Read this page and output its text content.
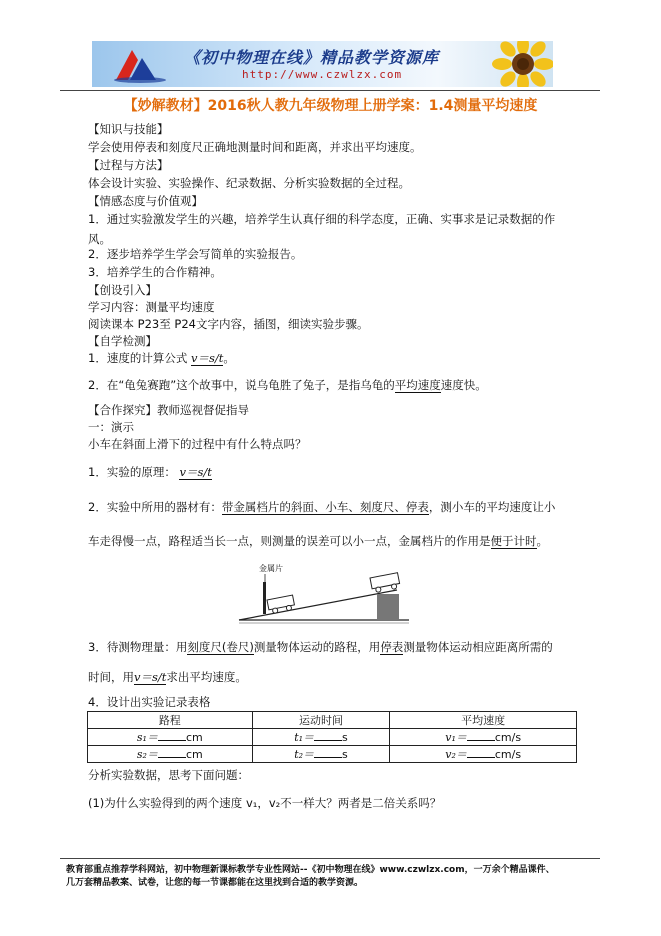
《初中物理在线》精品教学资源库
http://www.czwlzx.com
【妙解教材】2016秋人教九年级物理上册学案：1.4测量平均速度
【知识与技能】
学会使用停表和刻度尺正确地测量时间和距离，并求出平均速度。
【过程与方法】
体会设计实验、实验操作、纪录数据、分析实验数据的全过程。
【情感态度与价值观】
1．通过实验激发学生的兴趣，培养学生认真仔细的科学态度，正确、实事求是记录数据的作
风。
2．逐步培养学生学会写简单的实验报告。
3．培养学生的合作精神。
【创设引入】
学习内容：测量平均速度
阅读课本 P23至 P24文字内容，插图，细读实验步骤。
【自学检测】
1．速度的计算公式 v＝s/t。
2．在“龟兔赛跑”这个故事中，说乌龟胜了兔子，是指乌龟的平均速度速度快。
【合作探究】教师巡视督促指导
一：演示
小车在斜面上滑下的过程中有什么特点吗？
1．实验的原理： v＝s/t
2．实验中所用的器材有：带金属档片的斜面、小车、刻度尺、停表，测小车的平均速度让小
车走得慢一点，路程适当长一点，则测量的误差可以小一点，金属档片的作用是便于计时。
金属片
3．待测物理量：用刻度尺(卷尺)测量物体运动的路程，用停表测量物体运动相应距离所需的
时间，用v＝s/t求出平均速度。
4．设计出实验记录表格
路程	运动时间	平均速度
s₁＝ cm	t₁＝ s	v₁＝ cm/s
s₂＝ cm	t₂＝ s	v₂＝ cm/s
分析实验数据，思考下面问题：
(1)为什么实验得到的两个速度 v₁，v₂不一样大？两者是二倍关系吗？
教育部重点推荐学科网站，初中物理新课标教学专业性网站--《初中物理在线》www.czwlzx.com，一万余个精品课件、
几万套精品教案、试卷，让您的每一节课都能在这里找到合适的教学资源。
